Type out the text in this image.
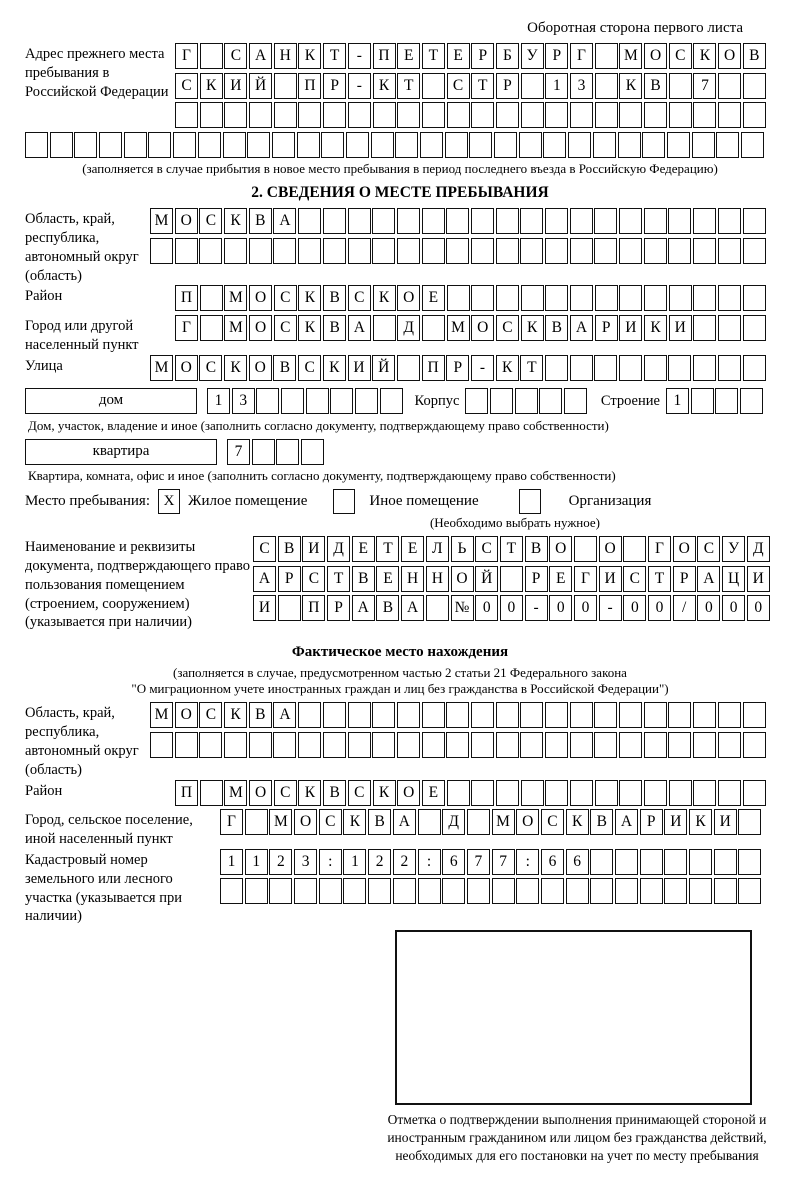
Оборотная сторона первого листа
Адрес прежнего места пребывания в Российской Федерации
Г	С А Н К Т - П Е Т Е Р Б У Р Г М О С К О В
С К И Й П Р - К Т	С Т Р	1 3	К В	7
(заполняется в случае прибытия в новое место пребывания в период последнего въезда в Российскую Федерацию)
2. СВЕДЕНИЯ О МЕСТЕ ПРЕБЫВАНИЯ
Область, край, республика, автономный округ (область)
М О С К В А
Район	П М О С К В С К О Е
Город или другой населенный пункт
Г М О С К В А Д М О С К В А Р И К И
Улица	М О С К О В С К И Й П Р - К Т
дом	1 3	Корпус	Строение 1
Дом, участок, владение и иное (заполнить согласно документу, подтверждающему право собственности)
квартира	7
Квартира, комната, офис и иное (заполнить согласно документу, подтверждающему право собственности)
Место пребывания: X Жилое помещение	Иное помещение	Организация
(Необходимо выбрать нужное)
Наименование и реквизиты документа, подтверждающего право пользования помещением (строением, сооружением) (указывается при наличии)
С В И Д Е Т Е Л Ь С Т В О О	Г О С У Д
А Р С Т В Е Н Н О Й	Р Е Г И С Т Р А Ц И
И П Р А В А № 0 0 - 0 0 - 0 0 / 0 0 0
Фактическое место нахождения
(заполняется в случае, предусмотренном частью 2 статьи 21 Федерального закона
"О миграционном учете иностранных граждан и лиц без гражданства в Российской Федерации")
Область, край, республика, автономный округ (область)
М О С К В А
Район	П М О С К В С К О Е
Город, сельское поселение, иной населенный пункт
Г М О С К В А Д М О С К В А Р И К И
Кадастровый номер земельного или лесного участка (указывается при наличии)
1 1 2 3 : 1 2 2 : 6 7 7 : 6 6
Отметка о подтверждении выполнения принимающей стороной и иностранным гражданином или лицом без гражданства действий, необходимых для его постановки на учет по месту пребывания
